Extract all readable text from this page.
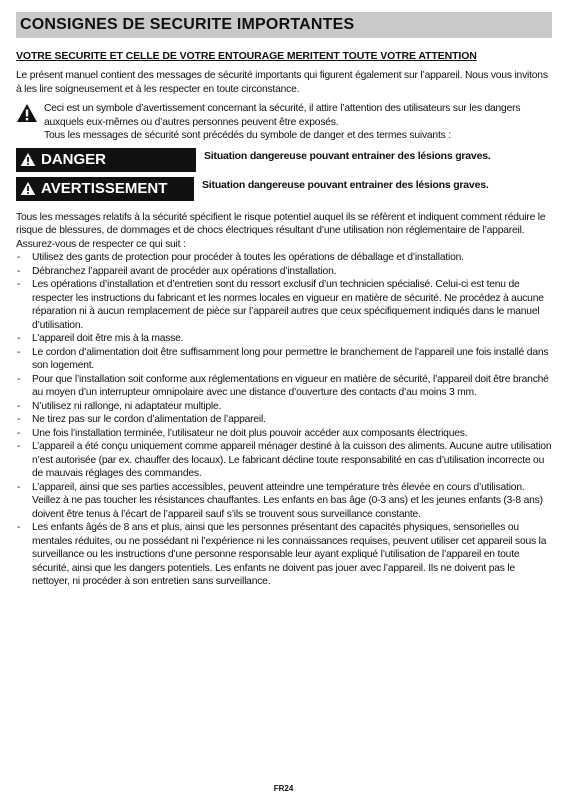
CONSIGNES DE SECURITE IMPORTANTES
VOTRE SECURITE ET CELLE DE VOTRE ENTOURAGE MERITENT TOUTE VOTRE ATTENTION
Le présent manuel contient des messages de sécurité importants qui figurent également sur l’appareil. Nous vous invitons à les lire soigneusement et à les respecter en toute circonstance.
Ceci est un symbole d’avertissement concernant la sécurité, il attire l’attention des utilisateurs sur les dangers auxquels eux-mêmes ou d’autres personnes peuvent être exposés.
Tous les messages de sécurité sont précédés du symbole de danger et des termes suivants :
DANGER	Situation dangereuse pouvant entrainer des lésions graves.
AVERTISSEMENT	Situation dangereuse pouvant entrainer des lésions graves.
Tous les messages relatifs à la sécurité spécifient le risque potentiel auquel ils se réfèrent et indiquent comment réduire le risque de blessures, de dommages et de chocs électriques résultant d’une utilisation non réglementaire de l’appareil. Assurez-vous de respecter ce qui suit :
- Utilisez des gants de protection pour procéder à toutes les opérations de déballage et d’installation.
- Débranchez l’appareil avant de procéder aux opérations d’installation.
- Les opérations d’installation et d’entretien sont du ressort exclusif d’un technicien spécialisé. Celui-ci est tenu de respecter les instructions du fabricant et les normes locales en vigueur en matière de sécurité. Ne procédez à aucune réparation ni à aucun remplacement de pièce sur l’appareil autres que ceux spécifiquement indiqués dans le manuel d’utilisation.
- L’appareil doit être mis à la masse.
- Le cordon d’alimentation doit être suffisamment long pour permettre le branchement de l’appareil une fois installé dans son logement.
- Pour que l’installation soit conforme aux réglementations en vigueur en matière de sécurité, l’appareil doit être branché au moyen d’un interrupteur omnipolaire avec une distance d’ouverture des contacts d’au moins 3 mm.
- N’utilisez ni rallonge, ni adaptateur multiple.
- Ne tirez pas sur le cordon d’alimentation de l’appareil.
- Une fois l’installation terminée, l’utilisateur ne doit plus pouvoir accéder aux composants électriques.
- L’appareil a été conçu uniquement comme appareil ménager destiné à la cuisson des aliments. Aucune autre utilisation n’est autorisée (par ex. chauffer des locaux). Le fabricant décline toute responsabilité en cas d’utilisation incorrecte ou de mauvais réglages des commandes.
- L’appareil, ainsi que ses parties accessibles, peuvent atteindre une température très élevée en cours d’utilisation. Veillez à ne pas toucher les résistances chauffantes. Les enfants en bas âge (0-3 ans) et les jeunes enfants (3-8 ans) doivent être tenus à l’écart de l’appareil sauf s’ils se trouvent sous surveillance constante.
- Les enfants âgés de 8 ans et plus, ainsi que les personnes présentant des capacités physiques, sensorielles ou mentales réduites, ou ne possédant ni l’expérience ni les connaissances requises, peuvent utiliser cet appareil sous la surveillance ou les instructions d’une personne responsable leur ayant expliqué l’utilisation de l’appareil en toute sécurité, ainsi que les dangers potentiels. Les enfants ne doivent pas jouer avec l’appareil. Ils ne doivent pas le nettoyer, ni procéder à son entretien sans surveillance.
FR24
